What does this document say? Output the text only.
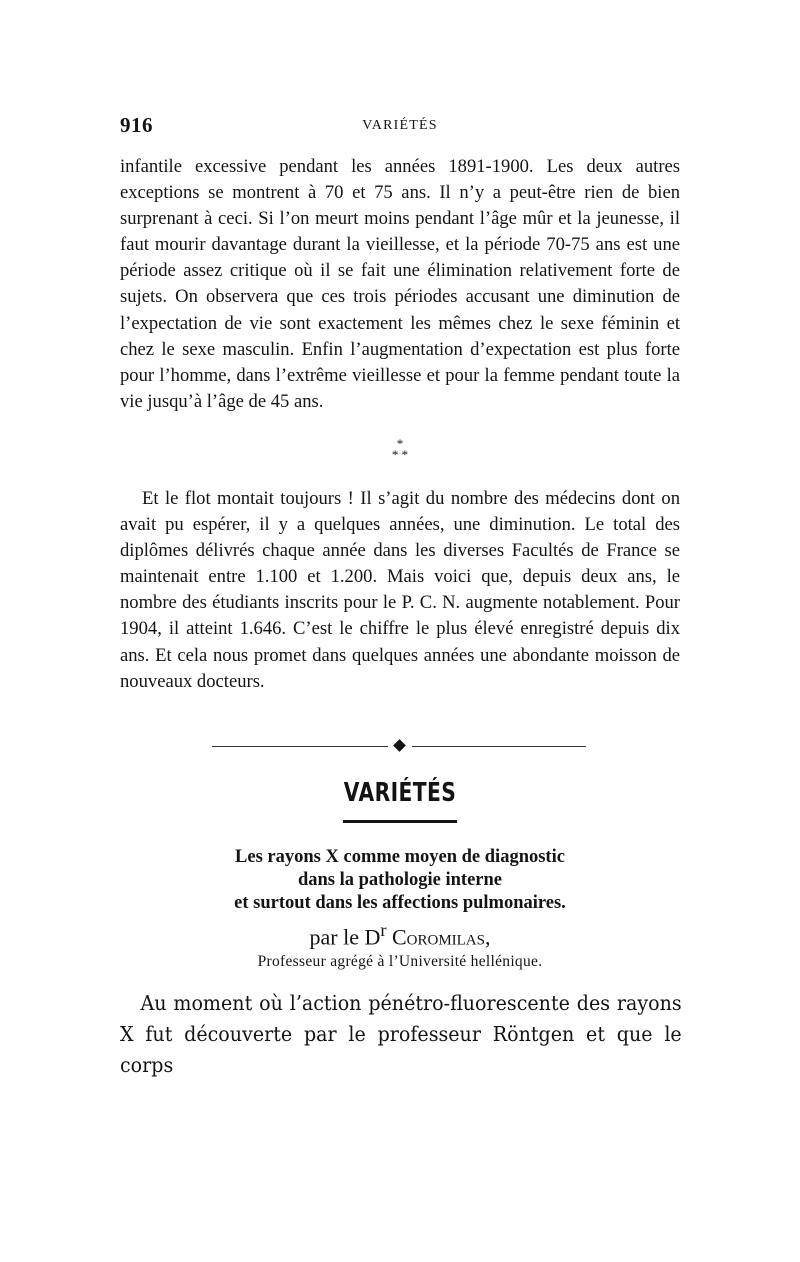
916	VARIÉTÉS

infantile excessive pendant les années 1891-1900. Les deux autres exceptions se montrent à 70 et 75 ans. Il n’y a peut-être rien de bien surprenant à ceci. Si l’on meurt moins pendant l’âge mûr et la jeunesse, il faut mourir davantage durant la vieillesse, et la période 70-75 ans est une période assez critique où il se fait une élimination relativement forte de sujets. On observera que ces trois périodes accusant une diminution de l’expectation de vie sont exactement les mêmes chez le sexe féminin et chez le sexe masculin. Enfin l’augmentation d’expectation est plus forte pour l’homme, dans l’extrême vieillesse et pour la femme pendant toute la vie jusqu’à l’âge de 45 ans.

*
* *

Et le flot montait toujours ! Il s’agit du nombre des médecins dont on avait pu espérer, il y a quelques années, une diminution. Le total des diplômes délivrés chaque année dans les diverses Facultés de France se maintenait entre 1.100 et 1.200. Mais voici que, depuis deux ans, le nombre des étudiants inscrits pour le P. C. N. augmente notablement. Pour 1904, il atteint 1.646. C’est le chiffre le plus élevé enregistré depuis dix ans. Et cela nous promet dans quelques années une abondante moisson de nouveaux docteurs.

VARIÉTÉS
Les rayons X comme moyen de diagnostic
dans la pathologie interne
et surtout dans les affections pulmonaires.
par le $D^r$ Coromilas,
Professeur agrégé à l’Université hellénique.

Au moment où l’action pénétro-fluorescente des rayons X fut découverte par le professeur Röntgen et que le corps
